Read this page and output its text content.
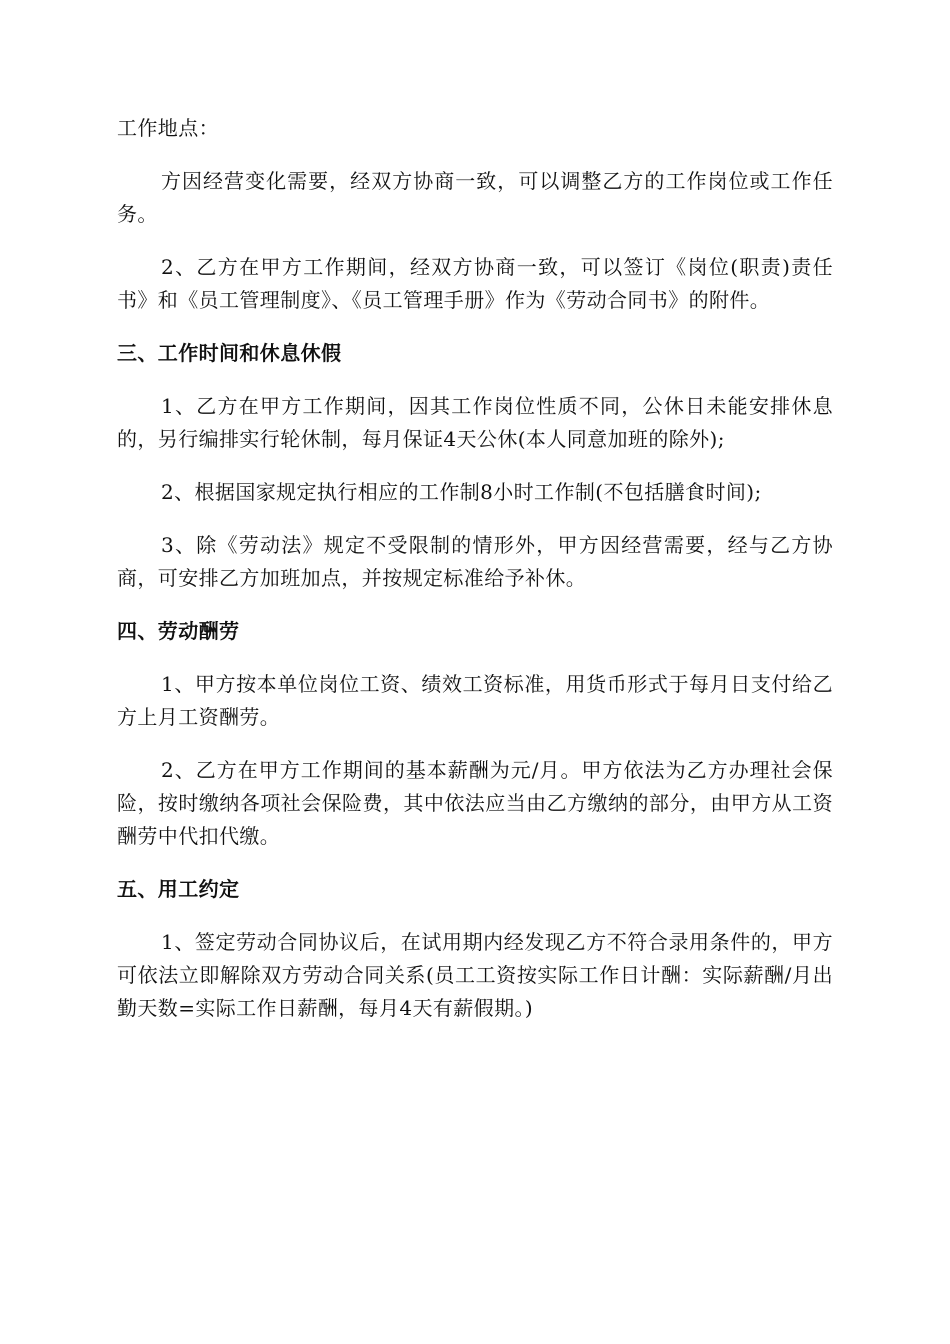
工作地点：

方因经营变化需要，经双方协商一致，可以调整乙方的工作岗位或工作任务。

2、乙方在甲方工作期间，经双方协商一致，可以签订《岗位(职责)责任书》和《员工管理制度》、《员工管理手册》作为《劳动合同书》的附件。

三、工作时间和休息休假

1、乙方在甲方工作期间，因其工作岗位性质不同，公休日未能安排休息的，另行编排实行轮休制，每月保证4天公休(本人同意加班的除外);

2、根据国家规定执行相应的工作制8小时工作制(不包括膳食时间);

3、除《劳动法》规定不受限制的情形外，甲方因经营需要，经与乙方协商，可安排乙方加班加点，并按规定标准给予补休。

四、劳动酬劳

1、甲方按本单位岗位工资、绩效工资标准，用货币形式于每月日支付给乙方上月工资酬劳。

2、乙方在甲方工作期间的基本薪酬为元/月。甲方依法为乙方办理社会保险，按时缴纳各项社会保险费，其中依法应当由乙方缴纳的部分，由甲方从工资酬劳中代扣代缴。

五、用工约定

1、签定劳动合同协议后，在试用期内经发现乙方不符合录用条件的，甲方可依法立即解除双方劳动合同关系(员工工资按实际工作日计酬：实际薪酬/月出勤天数=实际工作日薪酬，每月4天有薪假期。)
